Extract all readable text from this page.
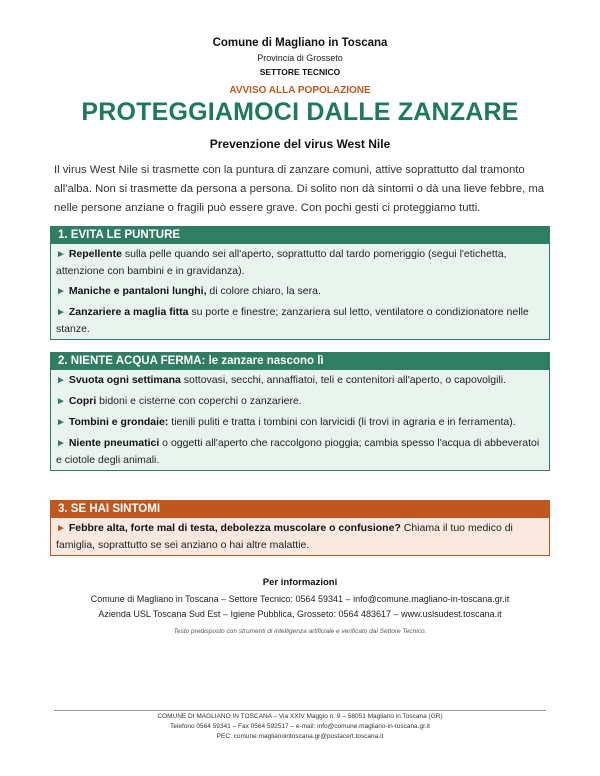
Comune di Magliano in Toscana
Provincia di Grosseto
SETTORE TECNICO
AVVISO ALLA POPOLAZIONE
PROTEGGIAMOCI DALLE ZANZARE
Prevenzione del virus West Nile
Il virus West Nile si trasmette con la puntura di zanzare comuni, attive soprattutto dal tramonto all'alba. Non si trasmette da persona a persona. Di solito non dà sintomi o dà una lieve febbre, ma nelle persone anziane o fragili può essere grave. Con pochi gesti ci proteggiamo tutti.
1. EVITA LE PUNTURE
► Repellente sulla pelle quando sei all'aperto, soprattutto dal tardo pomeriggio (segui l'etichetta, attenzione con bambini e in gravidanza).
► Maniche e pantaloni lunghi, di colore chiaro, la sera.
► Zanzariere a maglia fitta su porte e finestre; zanzariera sul letto, ventilatore o condizionatore nelle stanze.
2. NIENTE ACQUA FERMA: le zanzare nascono lì
► Svuota ogni settimana sottovasi, secchi, annaffiatoi, teli e contenitori all'aperto, o capovolgili.
► Copri bidoni e cisterne con coperchi o zanzariere.
► Tombini e grondaie: tienili puliti e tratta i tombini con larvicidi (li trovi in agraria e in ferramenta).
► Niente pneumatici o oggetti all'aperto che raccolgono pioggia; cambia spesso l'acqua di abbeveratoi e ciotole degli animali.
3. SE HAI SINTOMI
► Febbre alta, forte mal di testa, debolezza muscolare o confusione? Chiama il tuo medico di famiglia, soprattutto se sei anziano o hai altre malattie.
Per informazioni
Comune di Magliano in Toscana – Settore Tecnico: 0564 59341 – info@comune.magliano-in-toscana.gr.it
Azienda USL Toscana Sud Est – Igiene Pubblica, Grosseto: 0564 483617 – www.uslsudest.toscana.it
Testo predisposto con strumenti di intelligenza artificiale e verificato dal Settore Tecnico.
COMUNE DI MAGLIANO IN TOSCANA – Via XXIV Maggio n. 9 – 58051 Magliano in Toscana (GR)
Telefono 0564 59341 – Fax 0564 592517 – e-mail: info@comune.magliano-in-toscana.gr.it
PEC: comune.maglianointoscana.gr@postacert.toscana.it
